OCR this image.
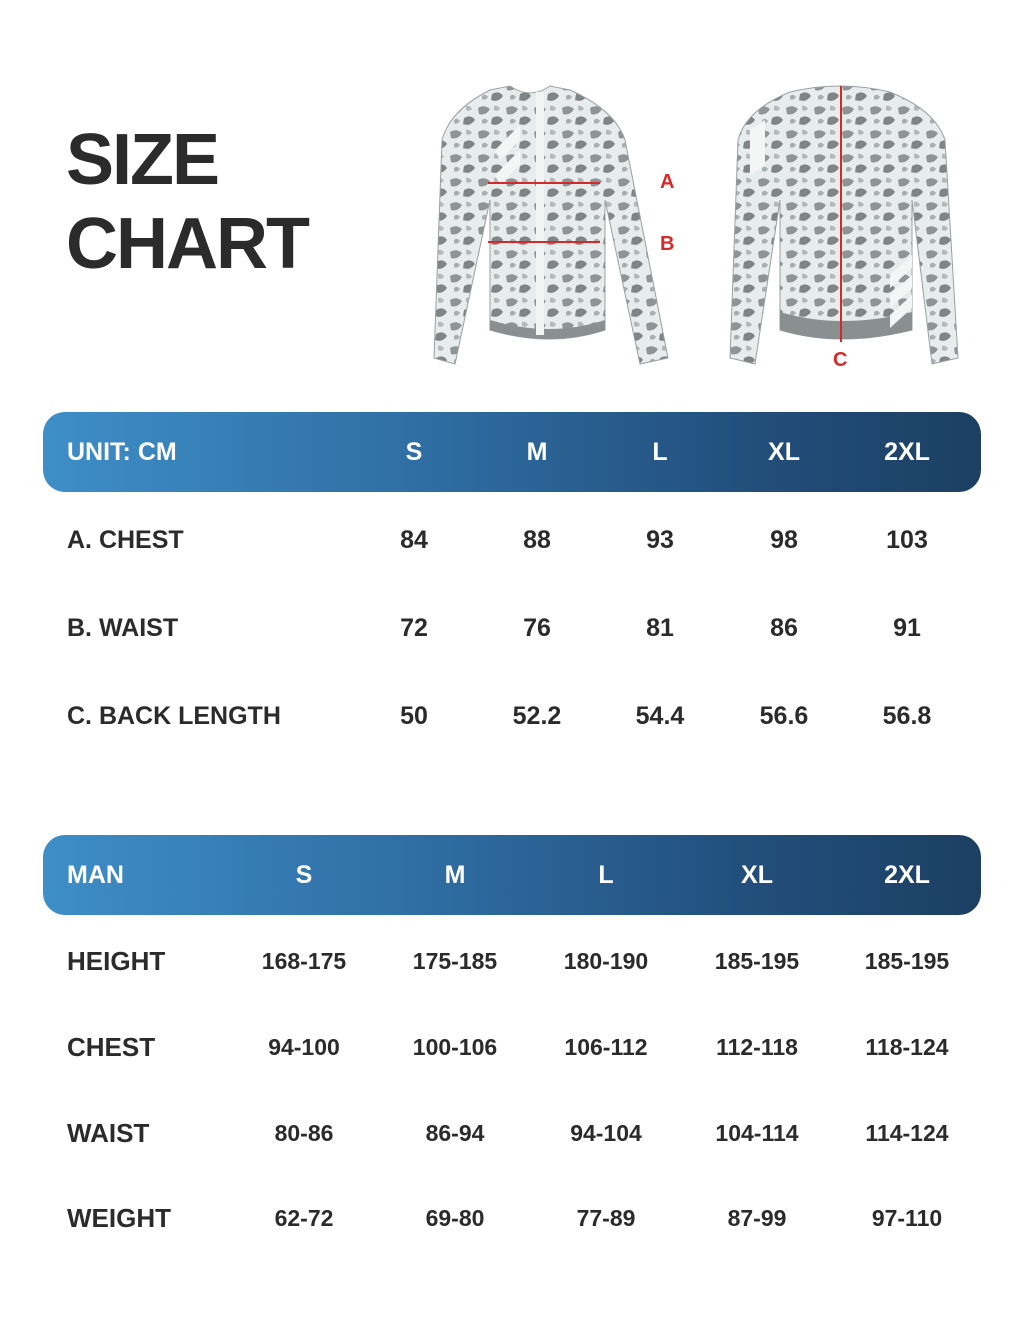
SIZE
CHART
A
B
C
UNIT: CM	S	M	L	XL	2XL
A. CHEST	84	88	93	98	103
B. WAIST	72	76	81	86	91
C. BACK LENGTH	50	52.2	54.4	56.6	56.8
MAN	S	M	L	XL	2XL
HEIGHT	168-175	175-185	180-190	185-195	185-195
CHEST	94-100	100-106	106-112	112-118	118-124
WAIST	80-86	86-94	94-104	104-114	114-124
WEIGHT	62-72	69-80	77-89	87-99	97-110
